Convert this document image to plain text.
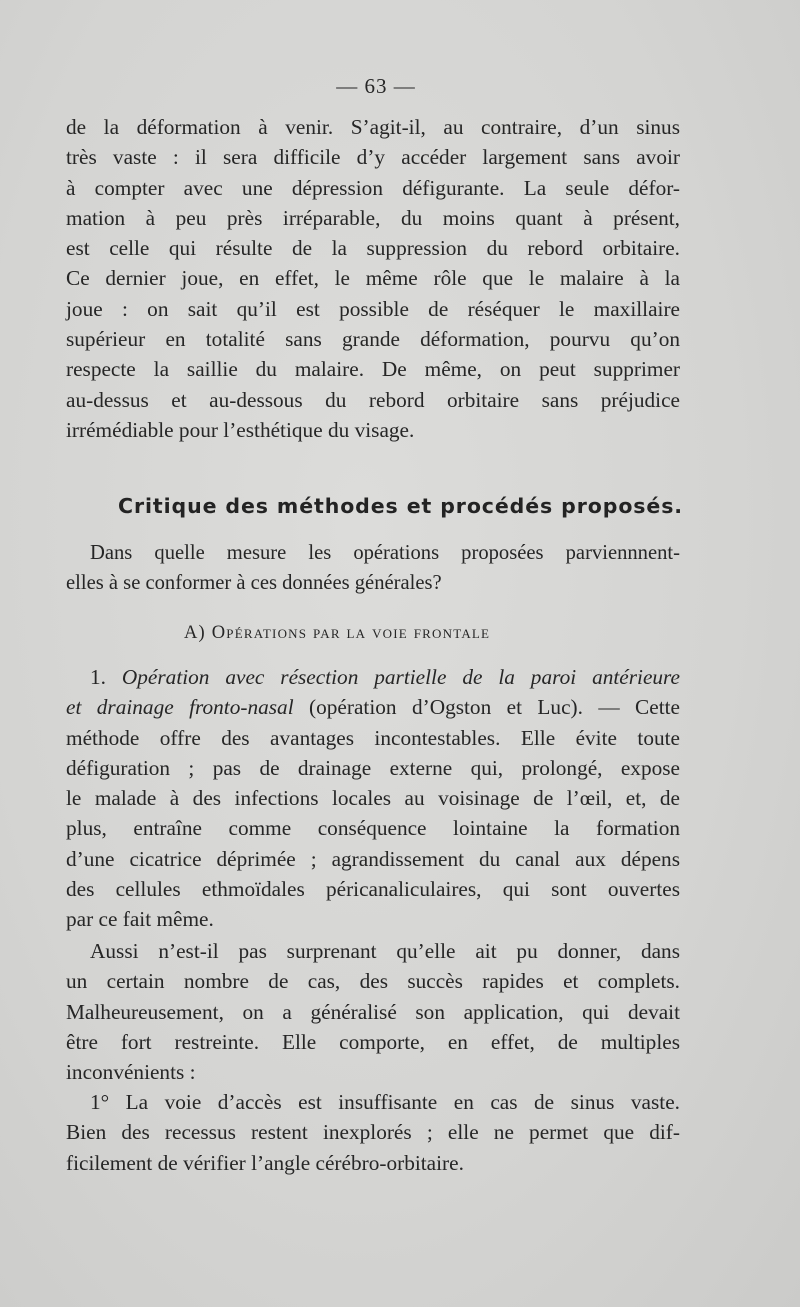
— 63 —
de la déformation à venir. S’agit-il, au contraire, d’un sinus
très vaste : il sera difficile d’y accéder largement sans avoir
à compter avec une dépression défigurante. La seule défor-
mation à peu près irréparable, du moins quant à présent,
est celle qui résulte de la suppression du rebord orbitaire.
Ce dernier joue, en effet, le même rôle que le malaire à la
joue : on sait qu’il est possible de réséquer le maxillaire
supérieur en totalité sans grande déformation, pourvu qu’on
respecte la saillie du malaire. De même, on peut supprimer
au-dessus et au-dessous du rebord orbitaire sans préjudice
irrémédiable pour l’esthétique du visage.
Critique des méthodes et procédés proposés.
Dans quelle mesure les opérations proposées parviennnent-
elles à se conformer à ces données générales?
A) Opérations par la voie frontale
1. Opération avec résection partielle de la paroi antérieure
et drainage fronto-nasal (opération d’Ogston et Luc). — Cette
méthode offre des avantages incontestables. Elle évite toute
défiguration ; pas de drainage externe qui, prolongé, expose
le malade à des infections locales au voisinage de l’œil, et, de
plus, entraîne comme conséquence lointaine la formation
d’une cicatrice déprimée ; agrandissement du canal aux dépens
des cellules ethmoïdales péricanaliculaires, qui sont ouvertes
par ce fait même.
Aussi n’est-il pas surprenant qu’elle ait pu donner, dans
un certain nombre de cas, des succès rapides et complets.
Malheureusement, on a généralisé son application, qui devait
être fort restreinte. Elle comporte, en effet, de multiples
inconvénients :
1° La voie d’accès est insuffisante en cas de sinus vaste.
Bien des recessus restent inexplorés ; elle ne permet que dif-
ficilement de vérifier l’angle cérébro-orbitaire.
